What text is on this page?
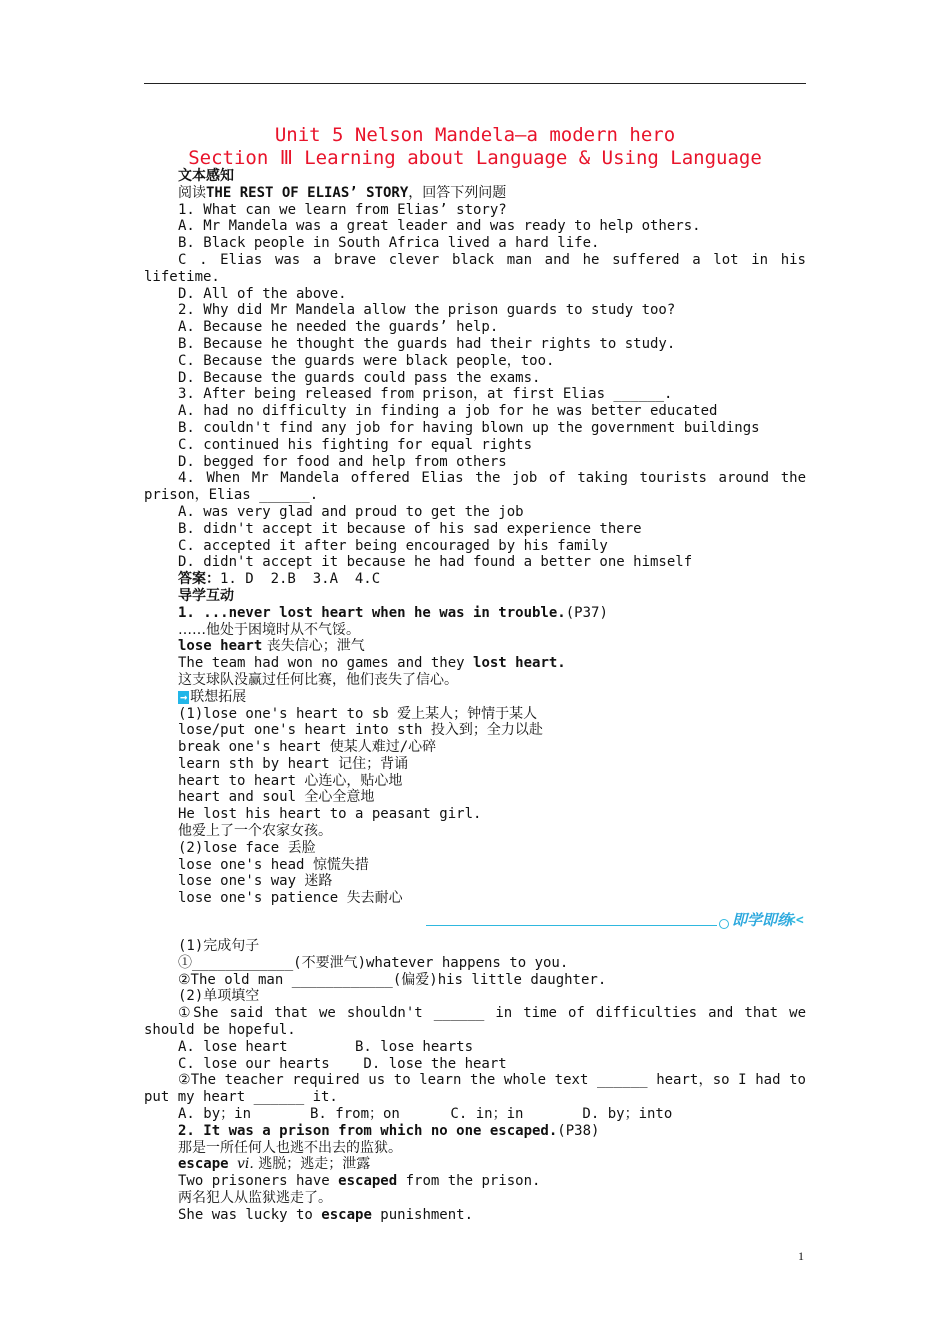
Unit 5 Nelson Mandela—a modern hero
Section Ⅲ Learning about Language & Using Language
文本感知
阅读THE REST OF ELIAS’ STORY，回答下列问题
1. What can we learn from Elias’ story?
A. Mr Mandela was a great leader and was ready to help others.
B. Black people in South Africa lived a hard life.
C . Elias was a brave clever black man and he suffered a lot in his
lifetime.
D. All of the above.
2. Why did Mr Mandela allow the prison guards to study too?
A. Because he needed the guards’ help.
B. Because he thought the guards had their rights to study.
C. Because the guards were black people，too.
D. Because the guards could pass the exams.
3. After being released from prison，at first Elias ______.
A. had no difficulty in finding a job for he was better educated
B. couldn't find any job for having blown up the government buildings
C. continued his fighting for equal rights
D. begged for food and help from others
4. When Mr Mandela offered Elias the job of taking tourists around the
prison，Elias ______.
A. was very glad and proud to get the job
B. didn't accept it because of his sad experience there
C. accepted it after being encouraged by his family
D. didn't accept it because he had found a better one himself
答案：1. D  2.B  3.A  4.C
导学互动
1. ...never lost heart when he was in trouble.(P37)
……他处于困境时从不气馁。
lose heart 丧失信心；泄气
The team had won no games and they lost heart.
这支球队没赢过任何比赛，他们丧失了信心。
→ 联想拓展
(1)lose one's heart to sb 爱上某人；钟情于某人
lose/put one's heart into sth 投入到；全力以赴
break one's heart 使某人难过/心碎
learn sth by heart 记住；背诵
heart to heart 心连心，贴心地
heart and soul 全心全意地
He lost his heart to a peasant girl.
他爱上了一个农家女孩。
(2)lose face 丢脸
lose one's head 惊慌失措
lose one's way 迷路
lose one's patience 失去耐心
即学即练
<<
(1)完成句子
①____________(不要泄气)whatever happens to you.
②The old man ____________(偏爱)his little daughter.
(2)单项填空
①She said that we shouldn't ______ in time of difficulties and that we
should be hopeful.
A. lose heart        B. lose hearts
C. lose our hearts    D. lose the heart
②The teacher required us to learn the whole text ______ heart，so I had to
put my heart ______ it.
A. by；in       B. from；on      C. in；in       D. by；into
2. It was a prison from which no one escaped.(P38)
那是一所任何人也逃不出去的监狱。
escape vi. 逃脱；逃走；泄露
Two prisoners have escaped from the prison.
两名犯人从监狱逃走了。
She was lucky to escape punishment.
1
